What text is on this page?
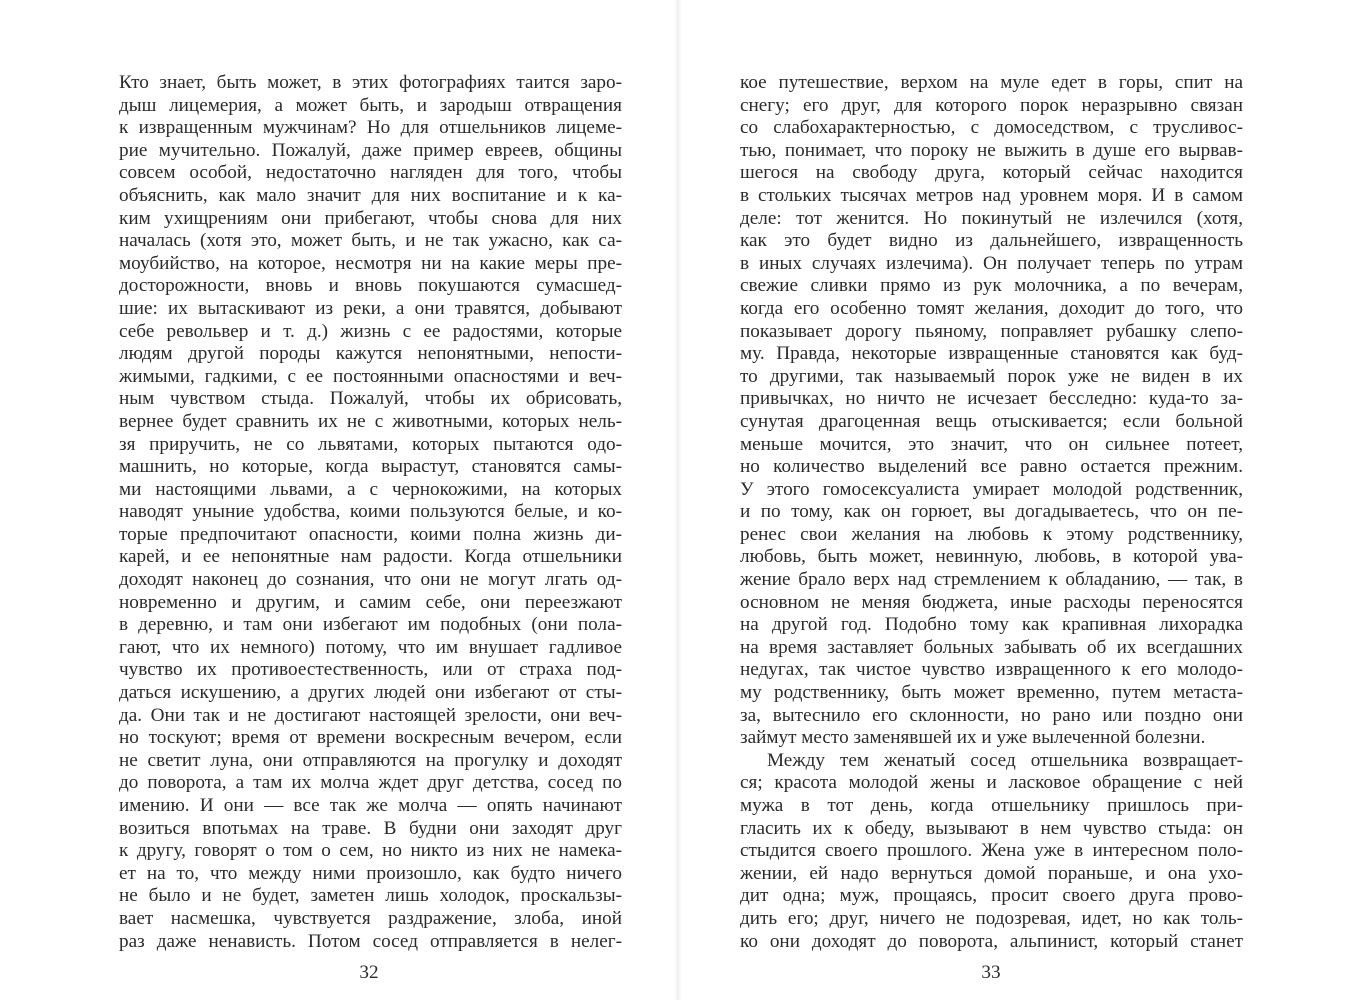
Кто знает, быть может, в этих фотографиях таится заро-
дыш лицемерия, а может быть, и зародыш отвращения
к извращенным мужчинам? Но для отшельников лицеме-
рие мучительно. Пожалуй, даже пример евреев, общины
совсем особой, недостаточно нагляден для того, чтобы
объяснить, как мало значит для них воспитание и к ка-
ким ухищрениям они прибегают, чтобы снова для них
началась (хотя это, может быть, и не так ужасно, как са-
моубийство, на которое, несмотря ни на какие меры пре-
досторожности, вновь и вновь покушаются сумасшед-
шие: их вытаскивают из реки, а они травятся, добывают
себе револьвер и т. д.) жизнь с ее радостями, которые
людям другой породы кажутся непонятными, непости-
жимыми, гадкими, с ее постоянными опасностями и веч-
ным чувством стыда. Пожалуй, чтобы их обрисовать,
вернее будет сравнить их не с животными, которых нель-
зя приручить, не со львятами, которых пытаются одо-
машнить, но которые, когда вырастут, становятся самы-
ми настоящими львами, а с чернокожими, на которых
наводят уныние удобства, коими пользуются белые, и ко-
торые предпочитают опасности, коими полна жизнь ди-
карей, и ее непонятные нам радости. Когда отшельники
доходят наконец до сознания, что они не могут лгать од-
новременно и другим, и самим себе, они переезжают
в деревню, и там они избегают им подобных (они пола-
гают, что их немного) потому, что им внушает гадливое
чувство их противоестественность, или от страха под-
даться искушению, а других людей они избегают от сты-
да. Они так и не достигают настоящей зрелости, они веч-
но тоскуют; время от времени воскресным вечером, если
не светит луна, они отправляются на прогулку и доходят
до поворота, а там их молча ждет друг детства, сосед по
имению. И они — все так же молча — опять начинают
возиться впотьмах на траве. В будни они заходят друг
к другу, говорят о том о сем, но никто из них не намека-
ет на то, что между ними произошло, как будто ничего
не было и не будет, заметен лишь холодок, проскальзы-
вает насмешка, чувствуется раздражение, злоба, иной
раз даже ненависть. Потом сосед отправляется в нелег-
32
кое путешествие, верхом на муле едет в горы, спит на
снегу; его друг, для которого порок неразрывно связан
со слабохарактерностью, с домоседством, с трусливос-
тью, понимает, что пороку не выжить в душе его вырвав-
шегося на свободу друга, который сейчас находится
в стольких тысячах метров над уровнем моря. И в самом
деле: тот женится. Но покинутый не излечился (хотя,
как это будет видно из дальнейшего, извращенность
в иных случаях излечима). Он получает теперь по утрам
свежие сливки прямо из рук молочника, а по вечерам,
когда его особенно томят желания, доходит до того, что
показывает дорогу пьяному, поправляет рубашку слепо-
му. Правда, некоторые извращенные становятся как буд-
то другими, так называемый порок уже не виден в их
привычках, но ничто не исчезает бесследно: куда-то за-
сунутая драгоценная вещь отыскивается; если больной
меньше мочится, это значит, что он сильнее потеет,
но количество выделений все равно остается прежним.
У этого гомосексуалиста умирает молодой родственник,
и по тому, как он горюет, вы догадываетесь, что он пе-
ренес свои желания на любовь к этому родственнику,
любовь, быть может, невинную, любовь, в которой ува-
жение брало верх над стремлением к обладанию, — так, в
основном не меняя бюджета, иные расходы переносятся
на другой год. Подобно тому как крапивная лихорадка
на время заставляет больных забывать об их всегдашних
недугах, так чистое чувство извращенного к его молодо-
му родственнику, быть может временно, путем метаста-
за, вытеснило его склонности, но рано или поздно они
займут место заменявшей их и уже вылеченной болезни.
Между тем женатый сосед отшельника возвращает-
ся; красота молодой жены и ласковое обращение с ней
мужа в тот день, когда отшельнику пришлось при-
гласить их к обеду, вызывают в нем чувство стыда: он
стыдится своего прошлого. Жена уже в интересном поло-
жении, ей надо вернуться домой пораньше, и она ухо-
дит одна; муж, прощаясь, просит своего друга прово-
дить его; друг, ничего не подозревая, идет, но как толь-
ко они доходят до поворота, альпинист, который станет
33
